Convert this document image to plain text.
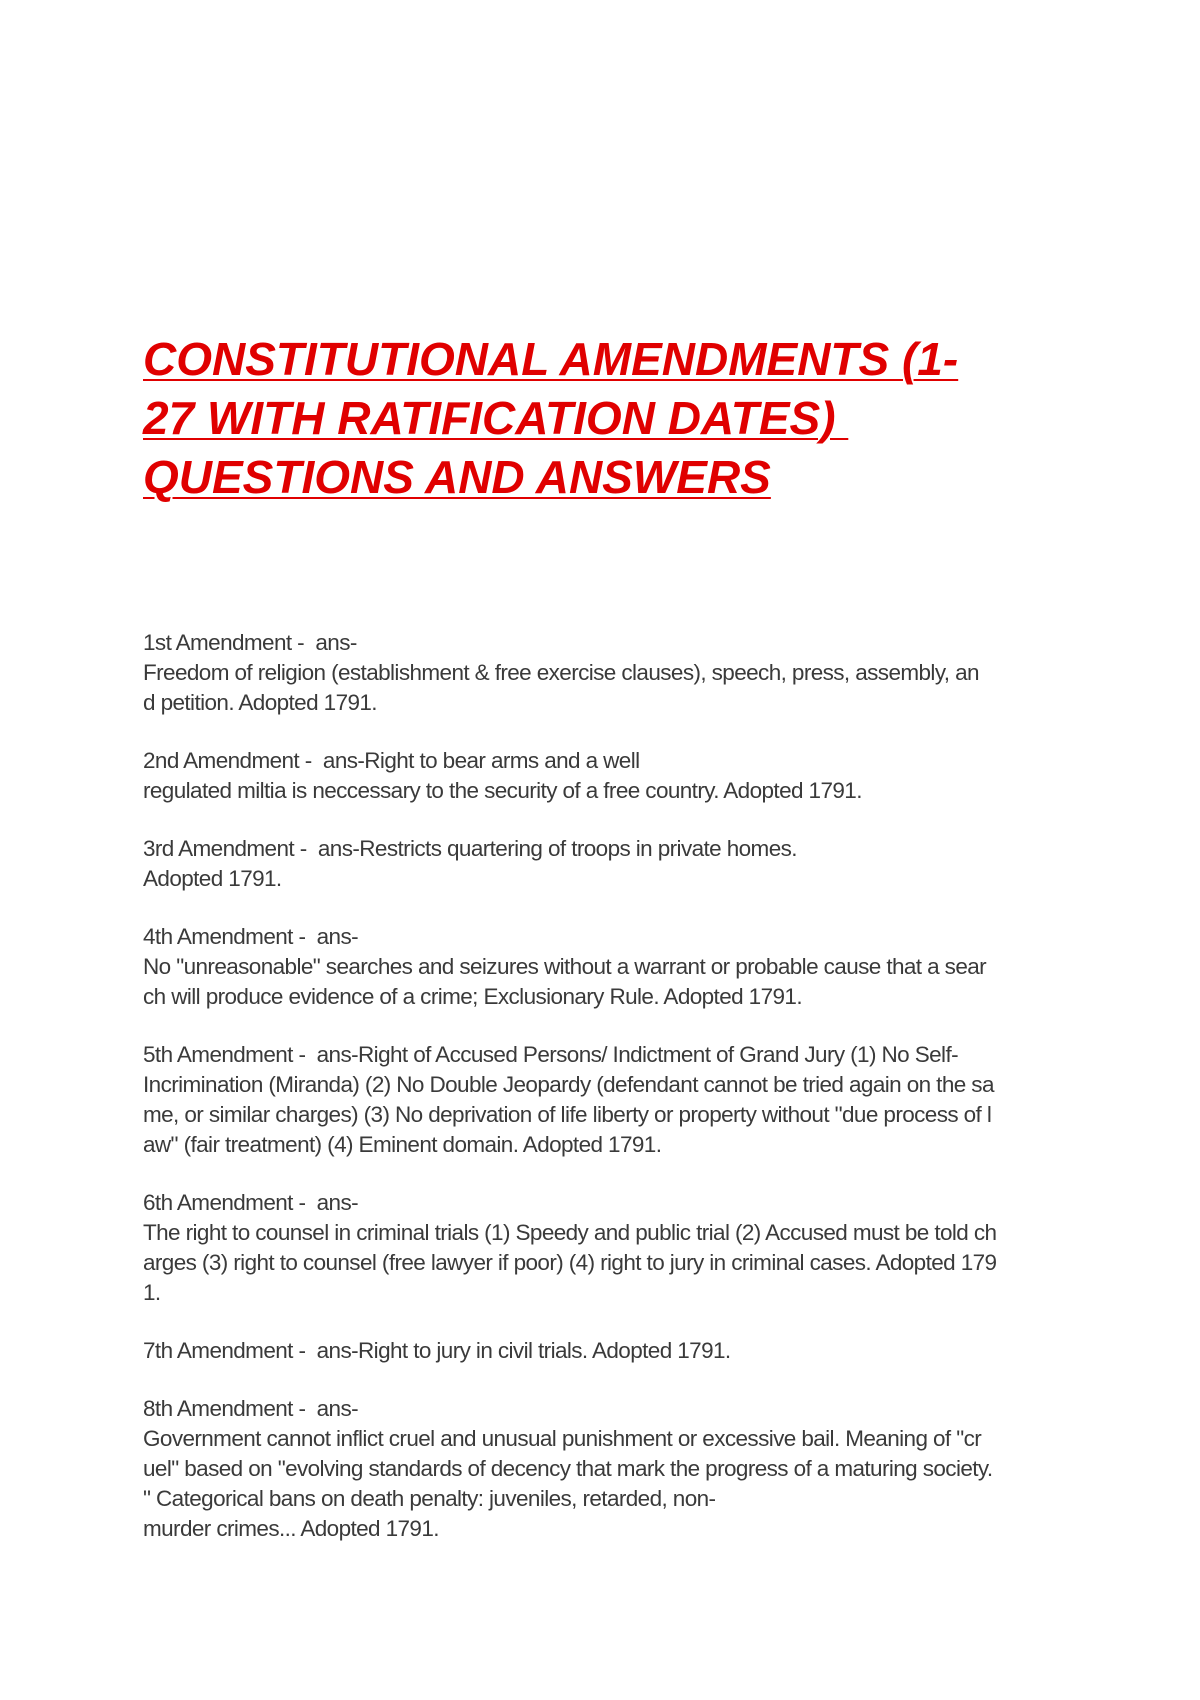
CONSTITUTIONAL AMENDMENTS (1-
27 WITH RATIFICATION DATES)
QUESTIONS AND ANSWERS
1st Amendment -  ans-
Freedom of religion (establishment & free exercise clauses), speech, press, assembly, an
d petition. Adopted 1791.
2nd Amendment -  ans-Right to bear arms and a well
regulated miltia is neccessary to the security of a free country. Adopted 1791.
3rd Amendment -  ans-Restricts quartering of troops in private homes.
Adopted 1791.
4th Amendment -  ans-
No "unreasonable" searches and seizures without a warrant or probable cause that a sear
ch will produce evidence of a crime; Exclusionary Rule. Adopted 1791.
5th Amendment -  ans-Right of Accused Persons/ Indictment of Grand Jury (1) No Self-
Incrimination (Miranda) (2) No Double Jeopardy (defendant cannot be tried again on the sa
me, or similar charges) (3) No deprivation of life liberty or property without "due process of l
aw" (fair treatment) (4) Eminent domain. Adopted 1791.
6th Amendment -  ans-
The right to counsel in criminal trials (1) Speedy and public trial (2) Accused must be told ch
arges (3) right to counsel (free lawyer if poor) (4) right to jury in criminal cases. Adopted 179
1.
7th Amendment -  ans-Right to jury in civil trials. Adopted 1791.
8th Amendment -  ans-
Government cannot inflict cruel and unusual punishment or excessive bail. Meaning of "cr
uel" based on "evolving standards of decency that mark the progress of a maturing society.
" Categorical bans on death penalty: juveniles, retarded, non-
murder crimes... Adopted 1791.
